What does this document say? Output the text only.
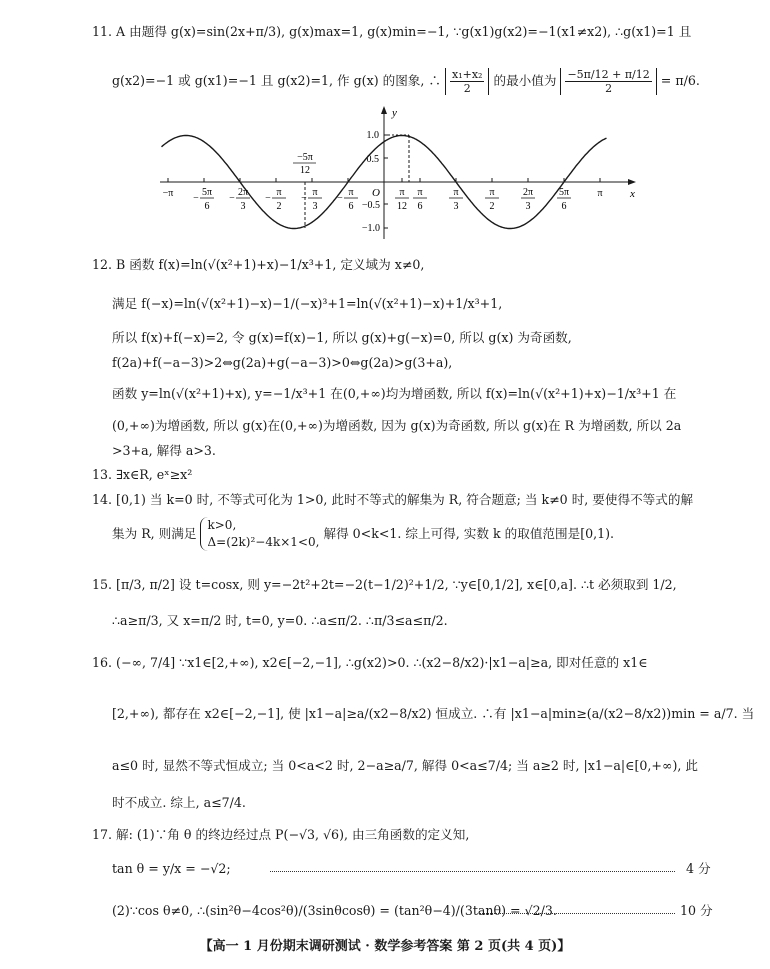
11. A 由题得 g(x)=sin(2x+π/3), g(x)max=1, g(x)min=−1, ∵g(x1)g(x2)=−1(x1≠x2), ∴g(x1)=1 且
g(x2)=−1 或 g(x1)=−1 且 g(x2)=1, 作 g(x) 的图象, ∴ $\frac{\text{x₁+x₂}}{2}$ 的最小值为 $\frac{-5\pi/12 + \pi/12}{2} = \pi/6$.
y
x
O
1.0
0.5
−0.5
−1.0
−5π
12
−π	5π
6
−
2π
3
−
π
2
−
π
3
−
π
6
−
π
12
π
6
π
3
π
2
2π
3
5π
6
π
12. B 函数 f(x)=ln(√(x²+1)+x)−1/x³+1, 定义域为 x≠0,
满足 f(−x)=ln(√(x²+1)−x)−1/(−x)³+1=ln(√(x²+1)−x)+1/x³+1,
所以 f(x)+f(−x)=2, 令 g(x)=f(x)−1, 所以 g(x)+g(−x)=0, 所以 g(x) 为奇函数,
f(2a)+f(−a−3)>2⇔g(2a)+g(−a−3)>0⇔g(2a)>g(3+a),
函数 y=ln(√(x²+1)+x), y=−1/x³+1 在(0,+∞)均为增函数, 所以 f(x)=ln(√(x²+1)+x)−1/x³+1 在
(0,+∞)为增函数, 所以 g(x)在(0,+∞)为增函数, 因为 g(x)为奇函数, 所以 g(x)在 R 为增函数, 所以 2a
>3+a, 解得 a>3.
13. ∃x∈R, eˣ≥x²
14. [0,1) 当 k=0 时, 不等式可化为 1>0, 此时不等式的解集为 R, 符合题意; 当 k≠0 时, 要使得不等式的解
集为 R, 则满足
k>0,
Δ=(2k)²−4k×1<0,
解得 0<k<1. 综上可得, 实数 k 的取值范围是[0,1).
15. [π/3, π/2] 设 t=cosx, 则 y=−2t²+2t=−2(t−1/2)²+1/2, ∵y∈[0,1/2], x∈[0,a]. ∴t 必须取到 1/2,
∴a≥π/3, 又 x=π/2 时, t=0, y=0. ∴a≤π/2. ∴π/3≤a≤π/2.
16. (−∞, 7/4] ∵x1∈[2,+∞), x2∈[−2,−1], ∴g(x2)>0. ∴(x2−8/x2)·|x1−a|≥a, 即对任意的 x1∈
[2,+∞), 都存在 x2∈[−2,−1], 使 |x1−a|≥a/(x2−8/x2) 恒成立. ∴有 |x1−a|min≥(a/(x2−8/x2))min = a/7. 当
a≤0 时, 显然不等式恒成立; 当 0<a<2 时, 2−a≥a/7, 解得 0<a≤7/4; 当 a≥2 时, |x1−a|∈[0,+∞), 此
时不成立. 综上, a≤7/4.
17. 解: (1)∵角 θ 的终边经过点 P(−√3, √6), 由三角函数的定义知,
tan θ = y/x = −√2;	4 分
(2)∵cos θ≠0, ∴(sin²θ−4cos²θ)/(3sinθcosθ) = (tan²θ−4)/(3tanθ) = √2/3.	10 分
【高一 1 月份期末调研测试 · 数学参考答案 第 2 页(共 4 页)】
